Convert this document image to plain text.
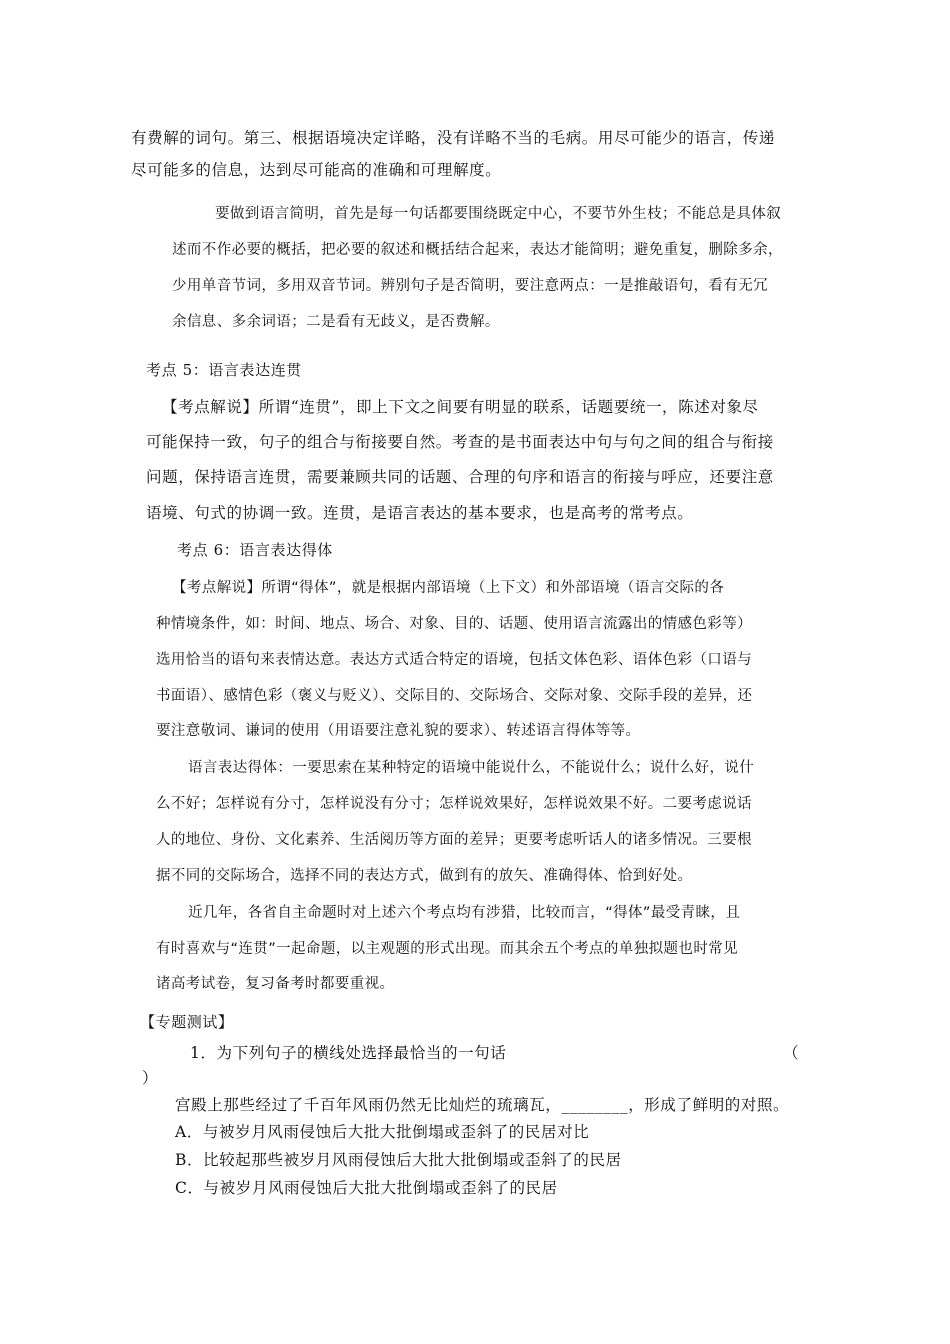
有费解的词句。第三、根据语境决定详略，没有详略不当的毛病。用尽可能少的语言，传递
尽可能多的信息，达到尽可能高的准确和可理解度。
要做到语言简明，首先是每一句话都要围绕既定中心，不要节外生枝；不能总是具体叙
述而不作必要的概括，把必要的叙述和概括结合起来，表达才能简明；避免重复，删除多余，
少用单音节词，多用双音节词。辨别句子是否简明，要注意两点：一是推敲语句，看有无冗
余信息、多余词语；二是看有无歧义，是否费解。
考点 5：语言表达连贯
【考点解说】所谓“连贯”，即上下文之间要有明显的联系，话题要统一，陈述对象尽
可能保持一致，句子的组合与衔接要自然。考查的是书面表达中句与句之间的组合与衔接
问题，保持语言连贯，需要兼顾共同的话题、合理的句序和语言的衔接与呼应，还要注意
语境、句式的协调一致。连贯，是语言表达的基本要求，也是高考的常考点。
考点 6：语言表达得体
【考点解说】所谓“得体”，就是根据内部语境（上下文）和外部语境（语言交际的各
种情境条件，如：时间、地点、场合、对象、目的、话题、使用语言流露出的情感色彩等）
选用恰当的语句来表情达意。表达方式适合特定的语境，包括文体色彩、语体色彩（口语与
书面语）、感情色彩（褒义与贬义）、交际目的、交际场合、交际对象、交际手段的差异，还
要注意敬词、谦词的使用（用语要注意礼貌的要求）、转述语言得体等等。
语言表达得体：一要思索在某种特定的语境中能说什么，不能说什么；说什么好，说什
么不好；怎样说有分寸，怎样说没有分寸；怎样说效果好，怎样说效果不好。二要考虑说话
人的地位、身份、文化素养、生活阅历等方面的差异；更要考虑听话人的诸多情况。三要根
据不同的交际场合，选择不同的表达方式，做到有的放矢、准确得体、恰到好处。
近几年，各省自主命题时对上述六个考点均有涉猎，比较而言，“得体”最受青睐，且
有时喜欢与“连贯”一起命题，以主观题的形式出现。而其余五个考点的单独拟题也时常见
诸高考试卷，复习备考时都要重视。
【专题测试】
1．为下列句子的横线处选择最恰当的一句话	（
）
宫殿上那些经过了千百年风雨仍然无比灿烂的琉璃瓦，________，形成了鲜明的对照。
A．与被岁月风雨侵蚀后大批大批倒塌或歪斜了的民居对比
B．比较起那些被岁月风雨侵蚀后大批大批倒塌或歪斜了的民居
C．与被岁月风雨侵蚀后大批大批倒塌或歪斜了的民居
